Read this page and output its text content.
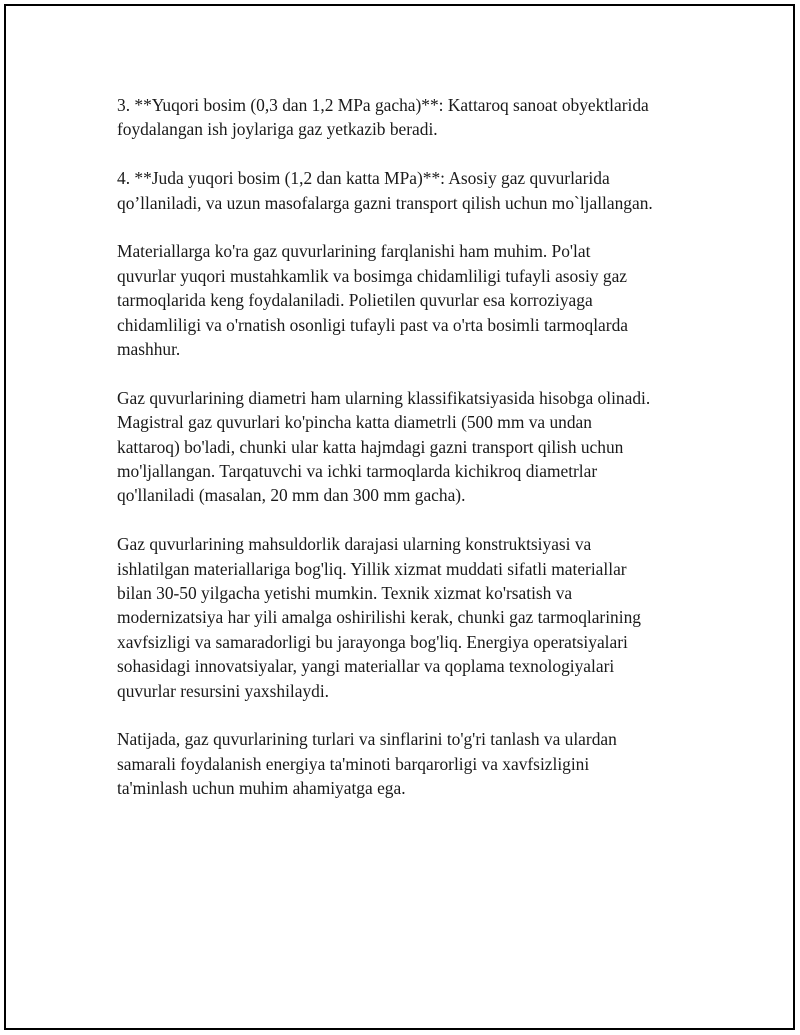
3. **Yuqori bosim (0,3 dan 1,2 MPa gacha)**: Kattaroq sanoat obyektlarida
foydalangan ish joylariga gaz yetkazib beradi.

4. **Juda yuqori bosim (1,2 dan katta MPa)**: Asosiy gaz quvurlarida
qo’llaniladi, va uzun masofalarga gazni transport qilish uchun mo`ljallangan.

Materiallarga ko'ra gaz quvurlarining farqlanishi ham muhim. Po'lat
quvurlar yuqori mustahkamlik va bosimga chidamliligi tufayli asosiy gaz
tarmoqlarida keng foydalaniladi. Polietilen quvurlar esa korroziyaga
chidamliligi va o'rnatish osonligi tufayli past va o'rta bosimli tarmoqlarda
mashhur.

Gaz quvurlarining diametri ham ularning klassifikatsiyasida hisobga olinadi.
Magistral gaz quvurlari ko'pincha katta diametrli (500 mm va undan
kattaroq) bo'ladi, chunki ular katta hajmdagi gazni transport qilish uchun
mo'ljallangan. Tarqatuvchi va ichki tarmoqlarda kichikroq diametrlar
qo'llaniladi (masalan, 20 mm dan 300 mm gacha).

Gaz quvurlarining mahsuldorlik darajasi ularning konstruktsiyasi va
ishlatilgan materiallariga bog'liq. Yillik xizmat muddati sifatli materiallar
bilan 30-50 yilgacha yetishi mumkin. Texnik xizmat ko'rsatish va
modernizatsiya har yili amalga oshirilishi kerak, chunki gaz tarmoqlarining
xavfsizligi va samaradorligi bu jarayonga bog'liq. Energiya operatsiyalari
sohasidagi innovatsiyalar, yangi materiallar va qoplama texnologiyalari
quvurlar resursini yaxshilaydi.

Natijada, gaz quvurlarining turlari va sinflarini to'g'ri tanlash va ulardan
samarali foydalanish energiya ta'minoti barqarorligi va xavfsizligini
ta'minlash uchun muhim ahamiyatga ega.
